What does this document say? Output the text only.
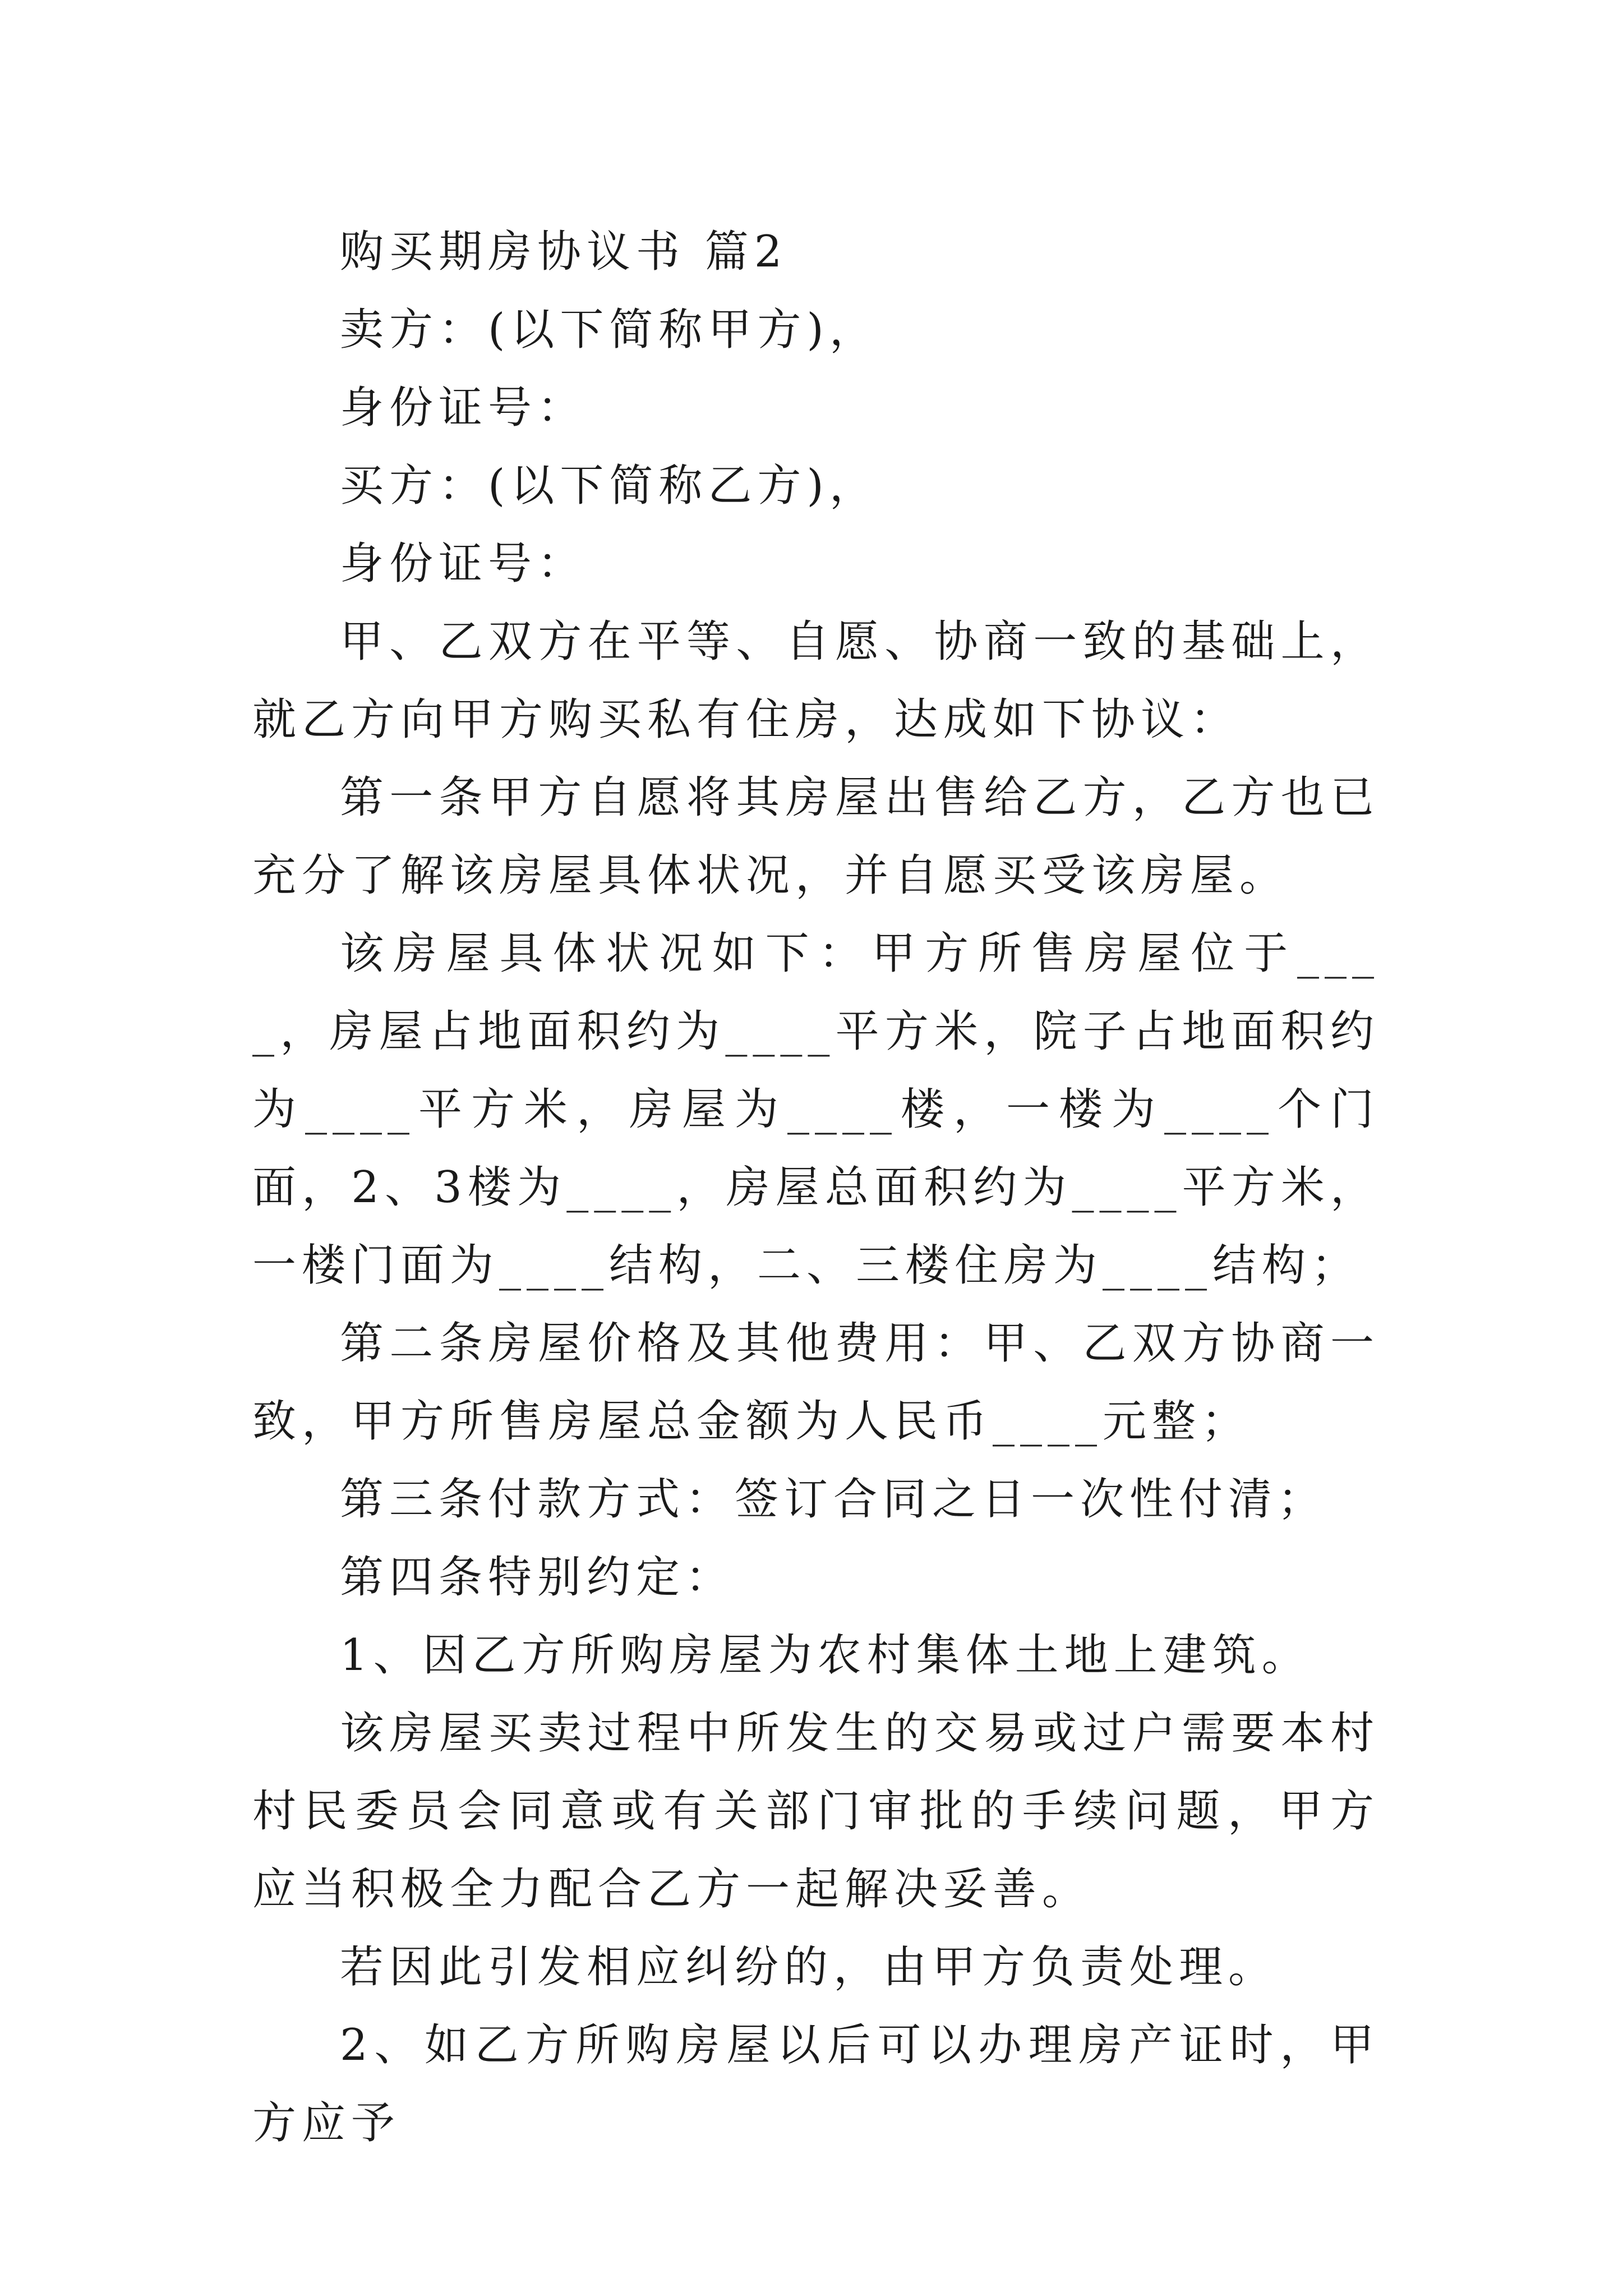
购买期房协议书 篇2

卖方：(以下简称甲方)，

身份证号：

买方：(以下简称乙方)，

身份证号：

甲、乙双方在平等、自愿、协商一致的基础上，就乙方向甲方购买私有住房，达成如下协议：

第一条甲方自愿将其房屋出售给乙方，乙方也已充分了解该房屋具体状况，并自愿买受该房屋。

该房屋具体状况如下：甲方所售房屋位于____，房屋占地面积约为____平方米，院子占地面积约为____平方米，房屋为____楼，一楼为____个门面，2、3楼为____，房屋总面积约为____平方米，一楼门面为____结构，二、三楼住房为____结构；

第二条房屋价格及其他费用：甲、乙双方协商一致，甲方所售房屋总金额为人民币____元整；

第三条付款方式：签订合同之日一次性付清；

第四条特别约定：

1、因乙方所购房屋为农村集体土地上建筑。

该房屋买卖过程中所发生的交易或过户需要本村村民委员会同意或有关部门审批的手续问题，甲方应当积极全力配合乙方一起解决妥善。

若因此引发相应纠纷的，由甲方负责处理。

2、如乙方所购房屋以后可以办理房产证时，甲方应予
